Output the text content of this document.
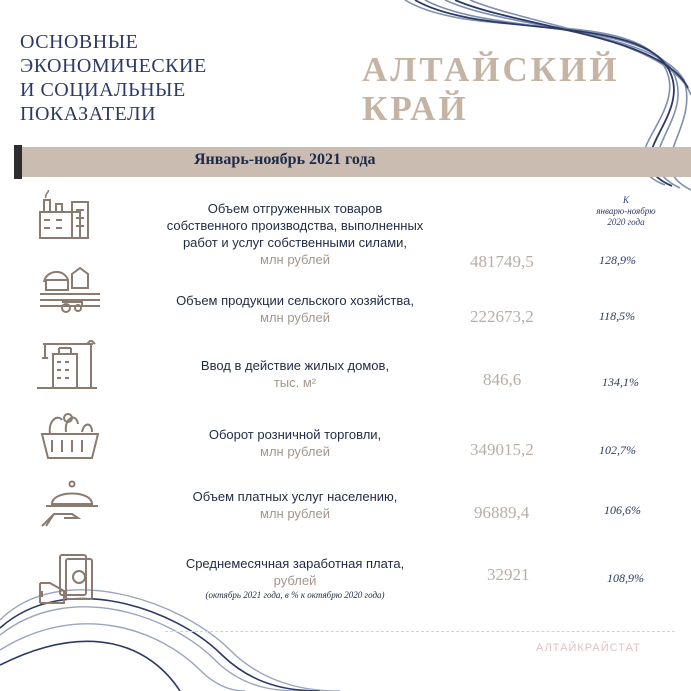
ОСНОВНЫЕ
ЭКОНОМИЧЕСКИЕ
И СОЦИАЛЬНЫЕ
ПОКАЗАТЕЛИ
АЛТАЙСКИЙ
КРАЙ
Январь-ноябрь 2021 года
К
январю-ноябрю
2020 года
Объем отгруженных товаров
собственного производства, выполненных
работ и услуг собственными силами,
млн рублей	481749,5	128,9%
Объем продукции сельского хозяйства,
млн рублей	222673,2	118,5%
Ввод в действие жилых домов,
тыс. м²	846,6	134,1%
Оборот розничной торговли,
млн рублей	349015,2	102,7%
Объем платных услуг населению,
млн рублей	96889,4	106,6%
Среднемесячная заработная плата,
рублей
(октябрь 2021 года, в % к октябрю 2020 года)
32921	108,9%
АЛТАЙКРАЙСТАТ
